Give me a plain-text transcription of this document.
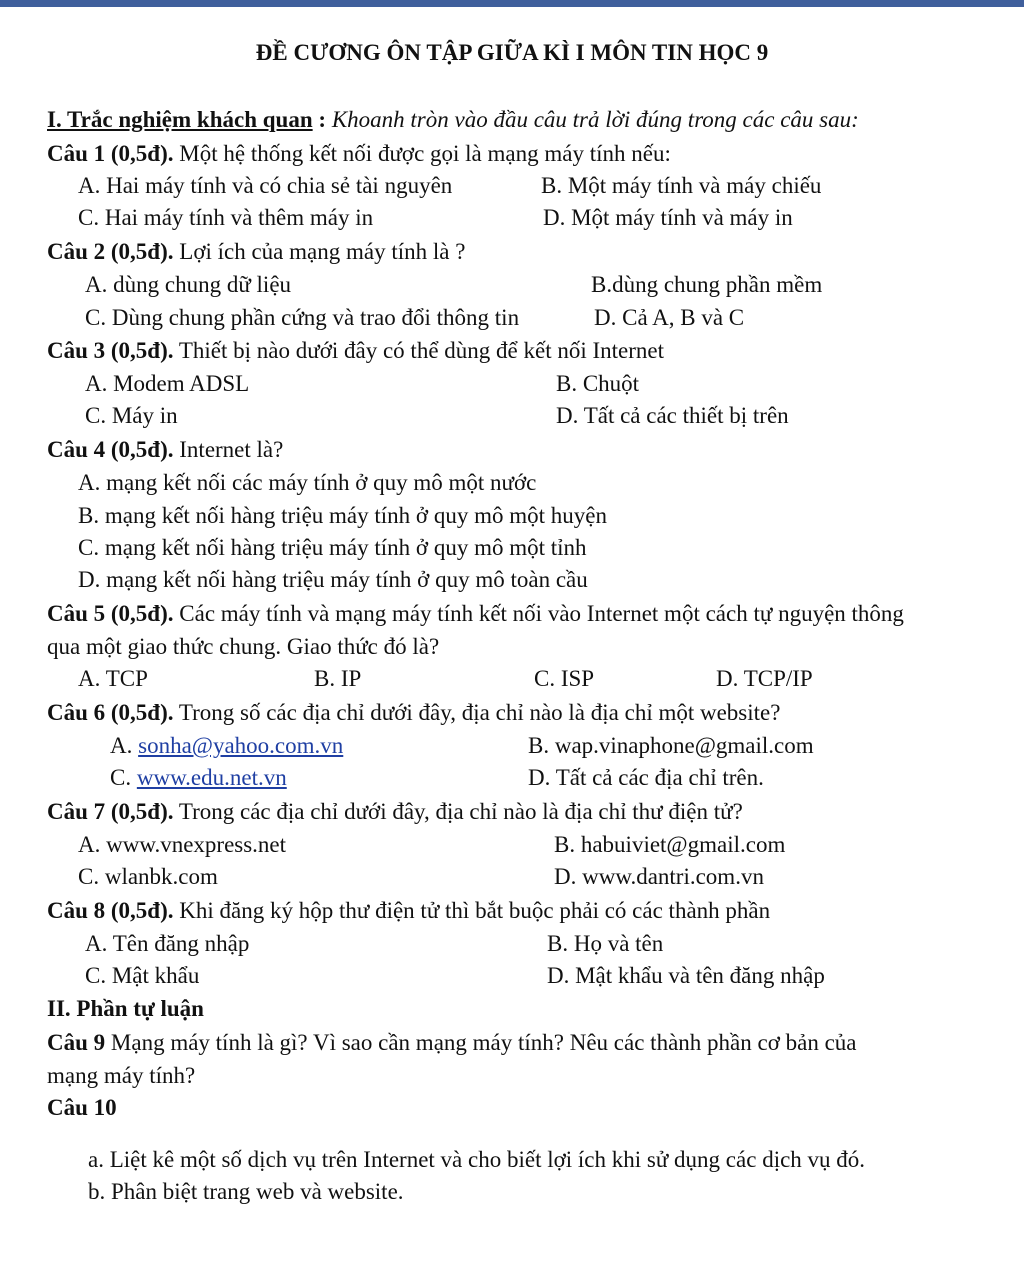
ĐỀ CƯƠNG ÔN TẬP GIỮA KÌ I MÔN TIN HỌC 9
I. Trắc nghiệm khách quan : Khoanh tròn vào đầu câu trả lời đúng trong các câu sau:
Câu 1 (0,5đ). Một hệ thống kết nối được gọi là mạng máy tính nếu:
A. Hai máy tính và có chia sẻ tài nguyên	B. Một máy tính và máy chiếu
C. Hai máy tính và thêm máy in	D. Một máy tính và máy in
Câu 2 (0,5đ). Lợi ích của mạng máy tính là ?
A. dùng chung dữ liệu	B.dùng chung phần mềm
C. Dùng chung phần cứng và trao đổi thông tin	D. Cả A, B và C
Câu 3 (0,5đ). Thiết bị nào dưới đây có thể dùng để kết nối Internet
A. Modem ADSL	B. Chuột
C. Máy in	D. Tất cả các thiết bị trên
Câu 4 (0,5đ). Internet là?
A. mạng kết nối các máy tính ở quy mô một nước
B. mạng kết nối hàng triệu máy tính ở quy mô một huyện
C. mạng kết nối hàng triệu máy tính ở quy mô một tỉnh
D. mạng kết nối hàng triệu máy tính ở quy mô toàn cầu
Câu 5 (0,5đ). Các máy tính và mạng máy tính kết nối vào Internet một cách tự nguyện thông
qua một giao thức chung. Giao thức đó là?
A. TCP	B. IP	C. ISP	D. TCP/IP
Câu 6 (0,5đ). Trong số các địa chỉ dưới đây, địa chỉ nào là địa chỉ một website?
A. sonha@yahoo.com.vn	B. wap.vinaphone@gmail.com
C. www.edu.net.vn	D. Tất cả các địa chỉ trên.
Câu 7 (0,5đ). Trong các địa chỉ dưới đây, địa chỉ nào là địa chỉ thư điện tử?
A. www.vnexpress.net	B. habuiviet@gmail.com
C. wlanbk.com	D. www.dantri.com.vn
Câu 8 (0,5đ). Khi đăng ký hộp thư điện tử thì bắt buộc phải có các thành phần
A. Tên đăng nhập	B. Họ và tên
C. Mật khẩu	D. Mật khẩu và tên đăng nhập
II. Phần tự luận
Câu 9 Mạng máy tính là gì? Vì sao cần mạng máy tính? Nêu các thành phần cơ bản của
mạng máy tính?
Câu 10
a. Liệt kê một số dịch vụ trên Internet và cho biết lợi ích khi sử dụng các dịch vụ đó.
b. Phân biệt trang web và website.
